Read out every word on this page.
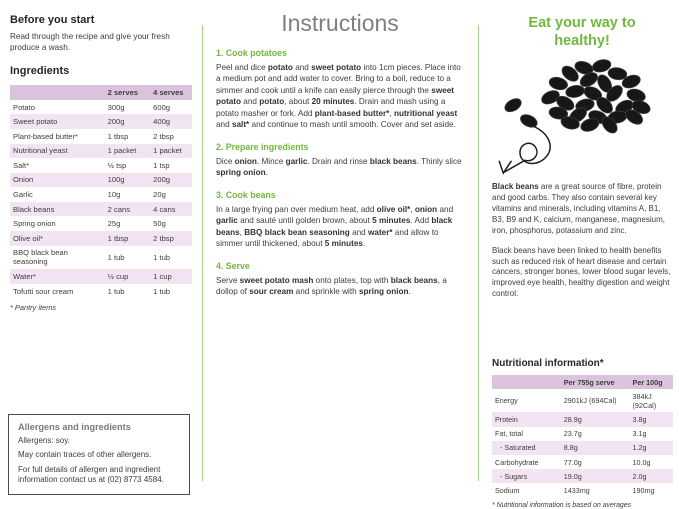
Before you start

Read through the recipe and give your fresh produce a wash.

Ingredients
	2 serves	4 serves
Potato	300g	600g
Sweet potato	200g	400g
Plant-based butter*	1 tbsp	2 tbsp
Nutritional yeast	1 packet	1 packet
Salt*	½ tsp	1 tsp
Onion	100g	200g
Garlic	10g	20g
Black beans	2 cans	4 cans
Spring onion	25g	50g
Olive oil*	1 tbsp	2 tbsp
BBQ black bean seasoning	1 tub	1 tub
Water*	½ cup	1 cup
Tofutti sour cream	1 tub	1 tub

* Pantry items

Allergens and ingredients
Allergens: soy.
May contain traces of other allergens.
For full details of allergen and ingredient information contact us at (02) 8773 4584.
Instructions
1. Cook potatoes

Peel and dice potato and sweet potato into 1cm pieces. Place into a medium pot and add water to cover. Bring to a boil, reduce to a simmer and cook until a knife can easily pierce through the sweet potato and potato, about 20 minutes. Drain and mash using a potato masher or fork. Add plant-based butter*, nutritional yeast and salt* and continue to mash until smooth. Cover and set aside.

2. Prepare ingredients

Dice onion. Mince garlic. Drain and rinse black beans. Thinly slice spring onion.

3. Cook beans

In a large frying pan over medium heat, add olive oil*, onion and garlic and sauté until golden brown, about 5 minutes. Add black beans, BBQ black bean seasoning and water* and allow to simmer until thickened, about 5 minutes.

4. Serve

Serve sweet potato mash onto plates, top with black beans, a dollop of sour cream and sprinkle with spring onion.

Eat your way to healthy!

Black beans are a great source of fibre, protein and good carbs. They also contain several key vitamins and minerals, including vitamins A, B1, B3, B9 and K, calcium, manganese, magnesium, iron, phosphorus, potassium and zinc.

Black beans have been linked to health benefits such as reduced risk of heart disease and certain cancers, stronger bones, lower blood sugar levels, improved eye health, healthy digestion and weight control.

Nutritional information*
	Per 755g serve	Per 100g
Energy	2901kJ (694Cal)	384kJ (92Cal)
Protein	28.9g	3.8g
Fat, total	23.7g	3.1g
- Saturated	8.8g	1.2g
Carbohydrate	77.0g	10.0g
- Sugars	19.0g	2.0g
Sodium	1433mg	190mg

* Nutritional information is based on averages
